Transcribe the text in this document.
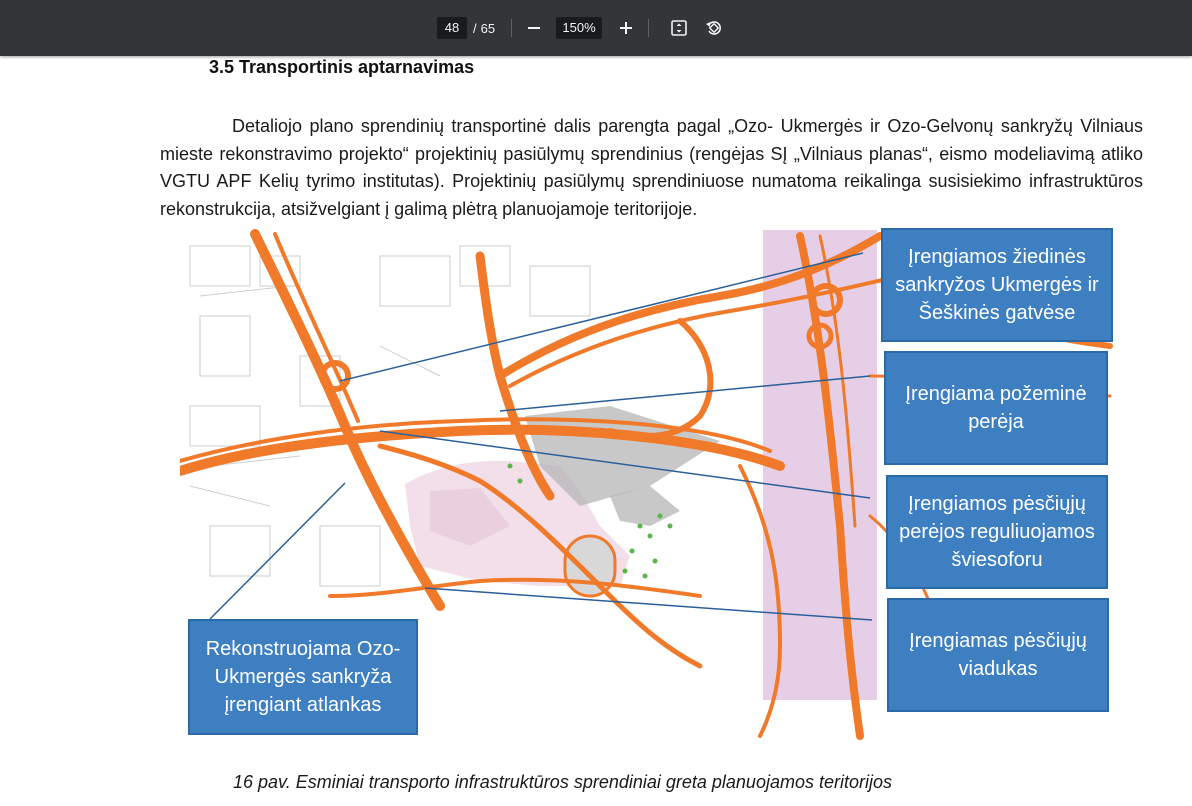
48	/ 65	150%
3.5 Transportinis aptarnavimas

Detaliojo plano sprendinių transportinė dalis parengta pagal „Ozo- Ukmergės ir Ozo-Gelvonų sankryžų Vilniaus mieste rekonstravimo projekto“ projektinių pasiūlymų sprendinius (rengėjas SĮ „Vilniaus planas“, eismo modeliavimą atliko VGTU APF Kelių tyrimo institutas). Projektinių pasiūlymų sprendiniuose numatoma reikalinga susisiekimo infrastruktūros rekonstrukcija, atsižvelgiant į galimą plėtrą planuojamoje teritorijoje.

Įrengiamos žiedinės sankryžos Ukmergės ir Šeškinės gatvėse
Įrengiama požeminė perėja
Įrengiamos pėsčiųjų perėjos reguliuojamos šviesoforu
Įrengiamas pėsčiųjų viadukas
Rekonstruojama Ozo-Ukmergės sankryža įrengiant atlankas
16 pav. Esminiai transporto infrastruktūros sprendiniai greta planuojamos teritorijos
